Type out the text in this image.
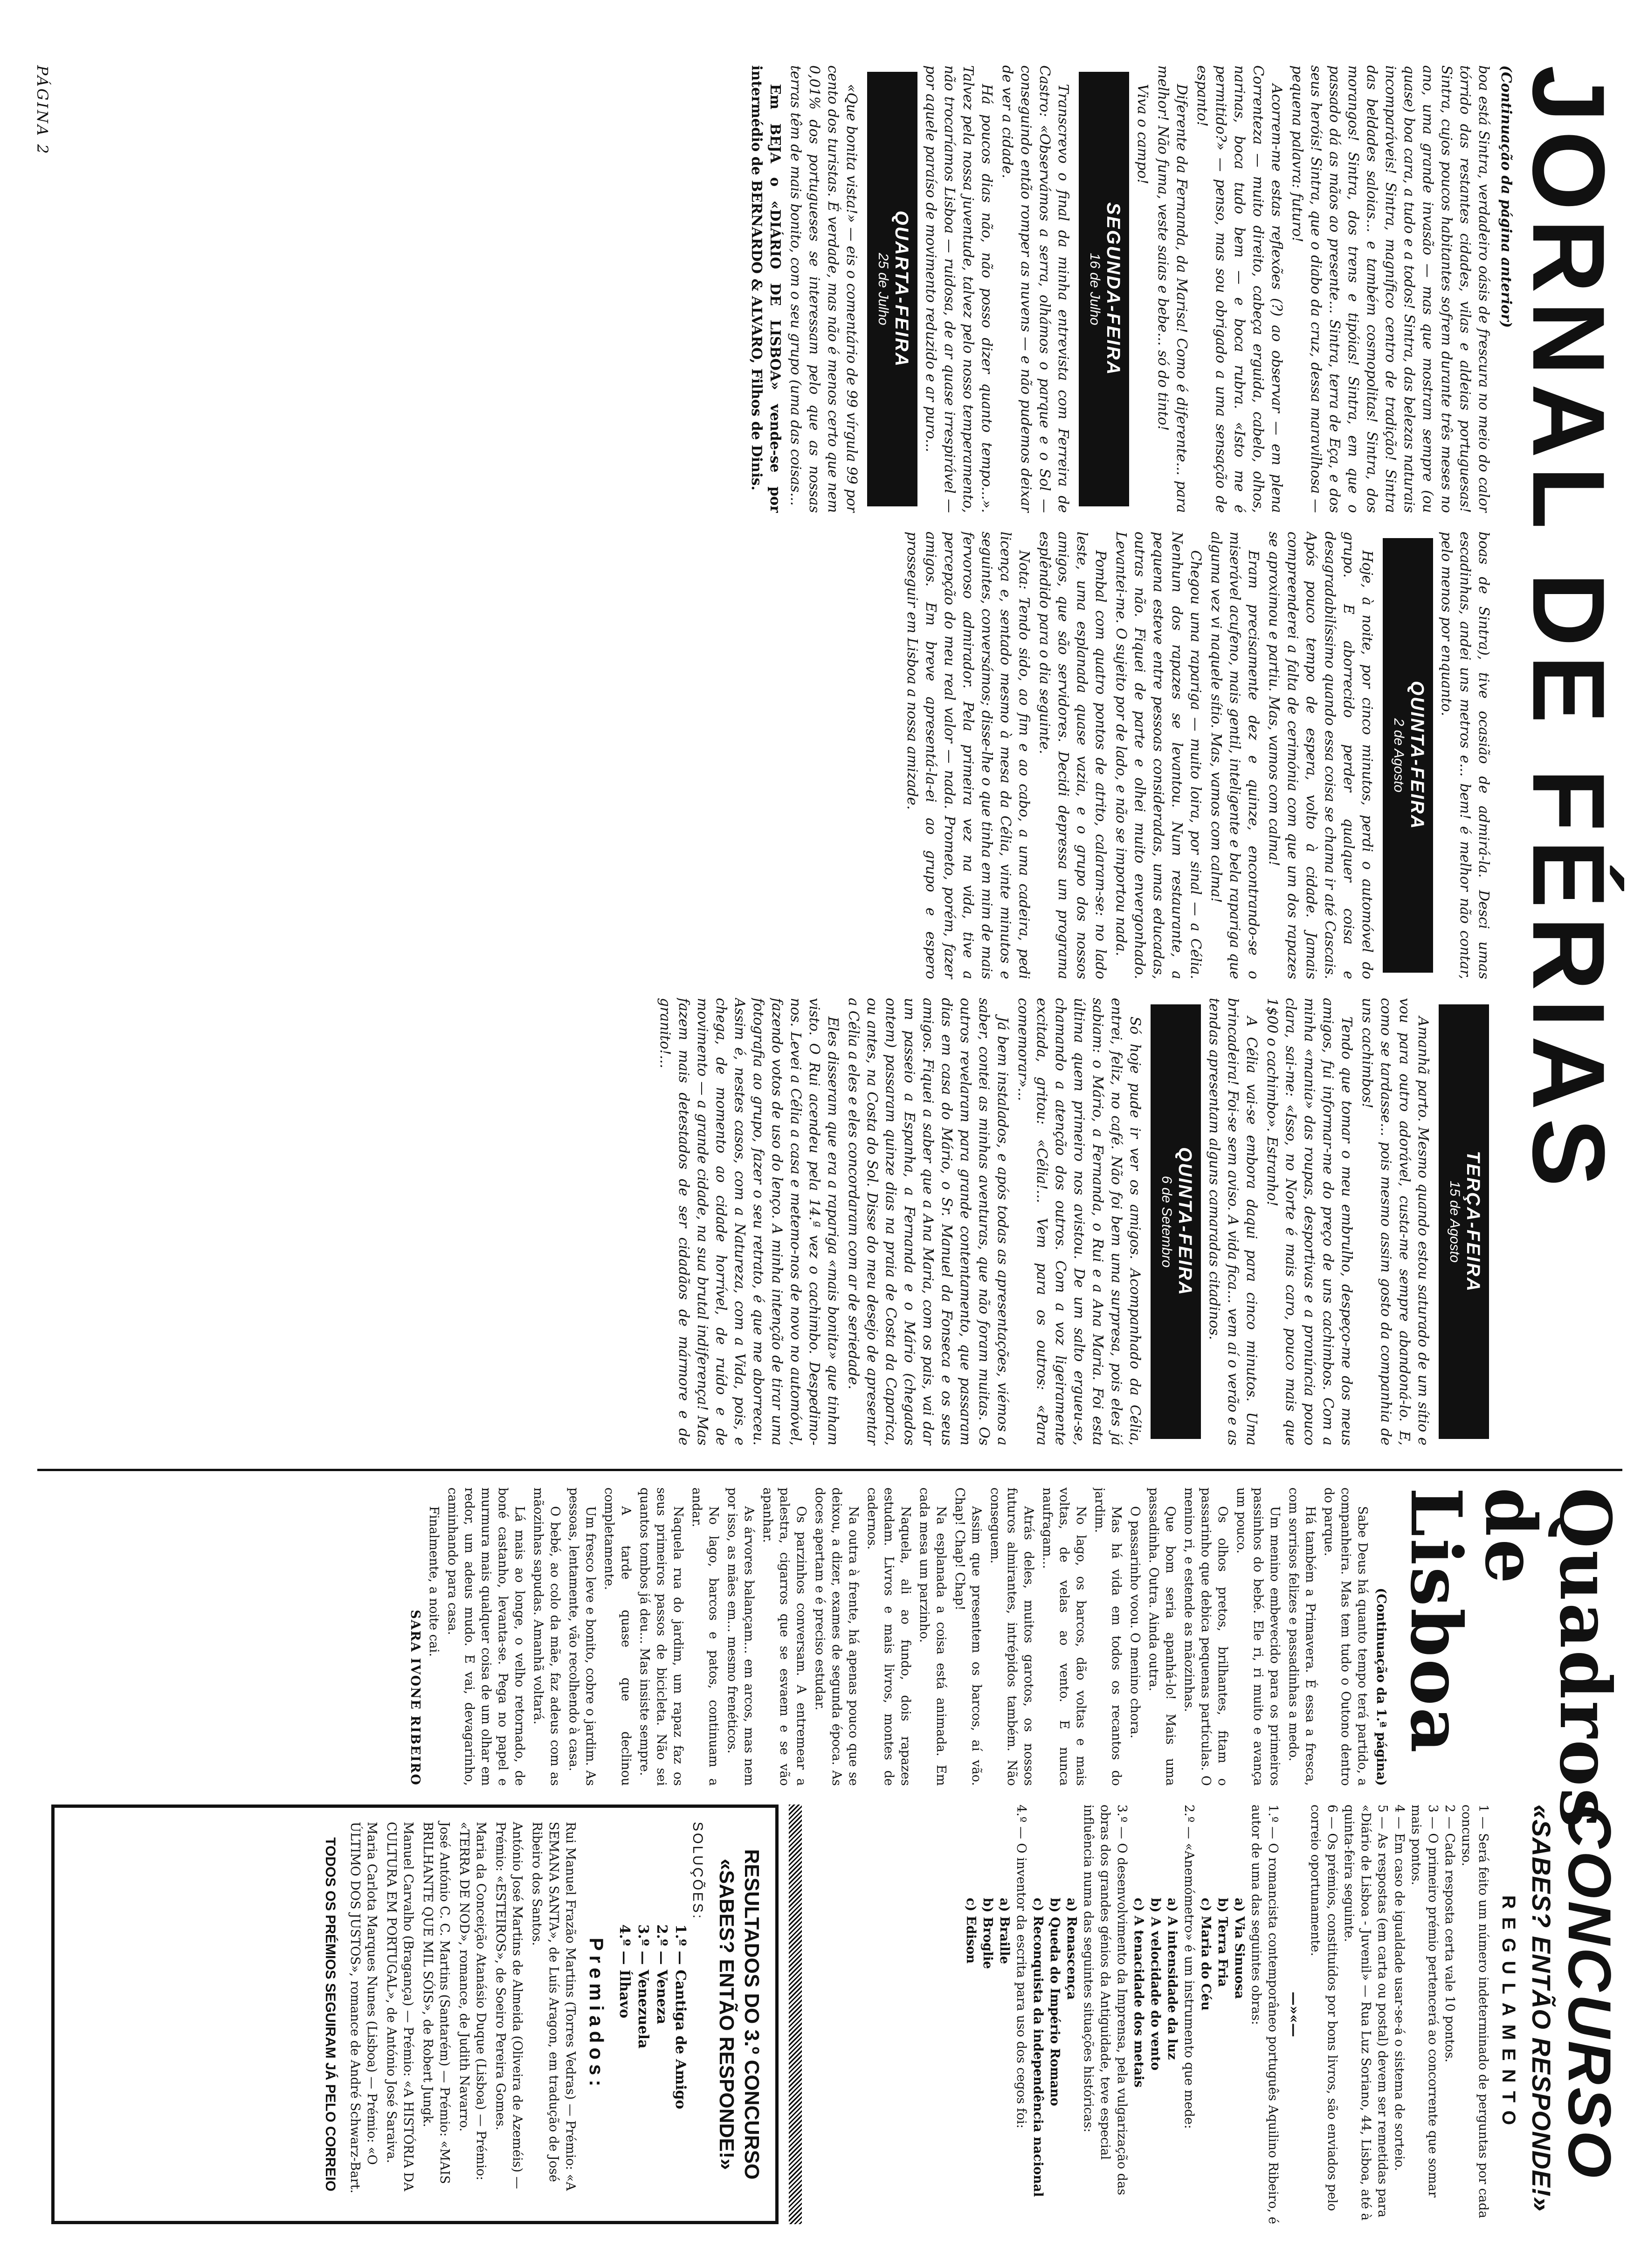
JORNAL DE FÉRIAS
(Continuação da página anterior)

boa está Sintra, verdadeiro oásis de frescura no meio do calor tórrido das restantes cidades, vilas e aldeias portuguesas! Sintra, cujos poucos habitantes sofrem durante três meses no ano, uma grande invasão — mas que mostram sempre (ou quase) boa cara, a tudo e a todos! Sintra, das belezas naturais incomparáveis! Sintra, magnífico centro de tradição! Sintra das beldades saloias... e também cosmopolitas! Sintra, dos morangos! Sintra, dos trens e tipóias! Sintra, em que o passado dá as mãos ao presente... Sintra, terra de Eça, e dos seus heróis! Sintra, que o diabo da cruz, dessa maravilhosa — pequena palavra: futuro!

Acorrem-me estas reflexões (?) ao observar — em plena Correnteza — muito direito, cabeça erguida, cabelo, olhos, narinas, boca tudo bem — e boca rubra. «Isto me é permitido?» — penso, mas sou obrigado a uma sensação de espanto!

Diferente da Fernanda, da Marisa! Como é diferente... para melhor! Não fuma, veste saias e bebe... só do tinto!

Viva o campo!

SEGUNDA-FEIRA
16 de Julho

Transcrevo o final da minha entrevista com Ferreira de Castro: «Observámos a serra, olhámos o parque e o Sol — conseguindo então romper as nuvens — e não pudemos deixar de ver a cidade.

Há poucos dias não, não posso dizer quanto tempo...». Talvez pela nossa juventude, talvez pelo nosso temperamento, não trocaríamos Lisboa — ruidosa, de ar quase irrespirável — por aquele paraíso de movimento reduzido e ar puro...

QUARTA-FEIRA
25 de Julho

«Que bonita vista!» — eis o comentário de 99 vírgula 99 por cento dos turistas. É verdade, mas não é menos certo que nem 0,01% dos portugueses se interessam pelo que as nossas terras têm de mais bonito, com o seu grupo (uma das coisas...

Em BEJA o «DIÁRIO DE LISBOA» vende-se por intermédio de BERNARDO & ALVARO, Filhos de Dinis.

boas de Sintra), tive ocasião de admirá-la. Desci umas escadinhas, andei uns metros e... bem! é melhor não contar, pelo menos por enquanto.

QUINTA-FEIRA
2 de Agosto

Hoje, à noite, por cinco minutos, perdi o automóvel do grupo. E aborrecido perder qualquer coisa e desagradabilíssimo quando essa coisa se chama ir até Cascais. Após pouco tempo de espera, volto à cidade. Jamais compreenderei a falta de cerimónia com que um dos rapazes se aproximou e partiu. Mas, vamos com calma!

Eram precisamente dez e quinze, encontrando-se o miserável acufeno, mais gentil, inteligente e bela rapariga que alguma vez vi naquele sítio. Mas, vamos com calma!

Chegou uma rapariga — muito loira, por sinal — a Célia. Nenhum dos rapazes se levantou. Num restaurante, a pequena esteve entre pessoas consideradas, umas educadas, outras não. Fiquei de parte e olhei muito envergonhado. Levantei-me. O sujeito por de lado, e não se importou nada.

Pombal com quatro pontos de atrito, calaram-se: no lado leste, uma esplanada quase vazia, e o grupo dos nossos amigos, que são servidores. Decidi depressa um programa esplêndido para o dia seguinte.

Nota: Tendo sido, ao fim e ao cabo, a uma cadeira, pedi licença e, sentado mesmo à mesa da Célia, vinte minutos e seguintes, conversámos; disse-lhe o que tinha em mim de mais fervoroso admirador. Pela primeira vez na vida, tive a percepção do meu real valor — nada. Prometo, porém, fazer amigos. Em breve apresentá-la-ei ao grupo e espero prosseguir em Lisboa a nossa amizade.

TERÇA-FEIRA
15 de Agosto

Amanhã parto. Mesmo quando estou saturado de um sítio e vou para outro adorável, custa-me sempre abandoná-lo. E, como se tardasse... pois mesmo assim gosto da companhia de uns cachimbos!

Tendo que tomar o meu embrulho, despeço-me dos meus amigos, fui informar-me do preço de uns cachimbos. Com a minha «mania» das roupas, desportivas e a pronúncia pouco clara, sai-me: «Isso, no Norte é mais caro, pouco mais que 1$00 o cachimbo». Estranho!

A Célia vai-se embora daqui para cinco minutos. Uma brincadeira! Foi-se sem aviso. A vida fica... vem aí o verão e as tendas apresentam alguns camaradas citadinos.

QUINTA-FEIRA
6 de Setembro

Só hoje pude ir ver os amigos. Acompanhado da Célia, entrei, feliz, no café. Não foi bem uma surpresa, pois eles já sabiam: o Mário, a Fernanda, o Rui e a Ana Maria. Foi esta última quem primeiro nos avistou. De um salto ergueu-se, chamando a atenção dos outros. Com a voz ligeiramente excitada, gritou: «Célia!... Vem para os outros: «Para comemorar»...

Já bem instalados, e após todas as apresentações, viémos a saber, contei as minhas aventuras, que não foram muitas. Os outros revelaram para grande contentamento, que passaram dias em casa do Mário, o Sr. Manuel da Fonseca e os seus amigos. Fiquei a saber que a Ana Maria, com os pais, vai dar um passeio a Espanha, a Fernanda e o Mário (chegados ontem) passaram quinze dias na praia de Costa da Caparica, ou antes, na Costa do Sol. Disse do meu desejo de apresentar a Célia a eles e eles concordaram com ar de seriedade.

Eles disseram que era a rapariga «mais bonita» que tinham visto. O Rui acendeu pela 14.ª vez o cachimbo. Despedimo-nos. Levei a Célia a casa e metemo-nos de novo no automóvel, fazendo votos de uso do lenço. A minha intenção de tirar uma fotografia ao grupo, fazer o seu retrato, é que me aborreceu. Assim é, nestes casos, com a Natureza, com a Vida, pois, e chega, de momento ao cidade horrível, de ruído e de movimento — a grande cidade, na sua brutal indiferença! Mas fazem mais detestados de ser cidadãos de mármore e de granito!...

PÁGINA 2
Quadros
de
Lisboa

(Continuação da 1.ª página)

Sabe Deus há quanto tempo terá partido, a companheira. Mas tem tudo o Outono dentro do parque.

Há também a Primavera. É essa a fresca, com sorrisos felizes e passadinhas a medo.

Um menino embevecido para os primeiros passinhos do bebé. Ele ri, ri muito e avança um pouco.

Os olhos pretos, brilhantes, fitam o passarinho que debica pequenas partículas. O menino ri, e estende as mãozinhas.

Que bom seria apanhá-lo! Mais uma passadinha. Outra. Ainda outra.

O passarinho voou. O menino chora.

Mas há vida em todos os recantos do jardim.

No lago, os barcos, dão voltas e mais voltas, de velas ao vento. E nunca naufragam...

Atrás deles, muitos garotos, os nossos futuros almirantes, intrépidos também. Não conseguem.

Assim que presentem os barcos, aí vão. Chap! Chap! Chap!

Na esplanada a coisa está animada. Em cada mesa um parzinho.

Naquela, ali ao fundo, dois rapazes estudam. Livros e mais livros, montes de cadernos.

Na outra à frente, há apenas pouco que se deixou, a dizer, exames de segunda época. As doces apertam e é preciso estudar.

Os parzinhos conversam. A entremear a palestra, cigarros que se esvaem e se vão apanhar.

As árvores balançam... em arcos, mas nem por isso, as mães em... mesmo frenéticos.

No lago, barcos e patos, continuam a andar.

Naquela rua do jardim, um rapaz faz os seus primeiros passos de bicicleta. Não sei quantos tombos já deu... Mas insiste sempre.

A tarde quase que declinou completamente.

Um fresco leve e bonito, cobre o jardim. As pessoas, lentamente, vão recolhendo à casa.

O bebé, ao colo da mãe, faz adeus com as mãozinhas sapudas. Amanhã voltará.

Lá mais ao longe, o velho retornado, de boné castanho, levanta-se. Pega no papel e murmura mais qualquer coisa de um olhar em redor, um adeus mudo. E vai, devagarinho, caminhando para casa.

Finalmente, a noite cai.

SARA IVONE RIBEIRO

CONCURSO
«SABES? ENTÃO RESPONDE!»
REGULAMENTO
1 — Será feito um número indeterminado de perguntas por cada concurso.
2 — Cada resposta certa vale 10 pontos.
3 — O primeiro prémio pertencerá ao concorrente que somar mais pontos.
4 — Em caso de igualdade usar-se-á o sistema de sorteio.
5 — As respostas (em carta ou postal) devem ser remetidas para «Diário de Lisboa - Juvenil» — Rua Luz Soriano, 44, Lisboa, até à quinta-feira seguinte.
6 — Os prémios, constituídos por bons livros, são enviados pelo correio oportunamente.
—»«—
1.º — O romancista contemporâneo português Aquilino Ribeiro, é autor de uma das seguintes obras:
a) Via Sinuosa
b) Terra Fria
c) Maria do Céu
2.º — «Anemómetro» é um instrumento que mede:
a) A intensidade da luz
b) A velocidade do vento
c) A tenacidade dos metais
3.º — O desenvolvimento da Imprensa, pela vulgarização das obras dos grandes génios da Antiguidade, teve especial influência numa das seguintes situações históricas:
a) Renascença
b) Queda do Império Romano
c) Reconquista da independência nacional
4.º — O inventor da escrita para uso dos cegos foi:
a) Braille
b) Broglie
c) Edison
RESULTADOS DO 3.º CONCURSO
«SABES? ENTÃO RESPONDE!»
SOLUÇÕES:
1.º — Cantiga de Amigo
2.º — Veneza
3.º — Venezuela
4.º — Ílhavo
Premiados:
Rui Manuel Frazão Martins (Torres Vedras) — Prémio: «A SEMANA SANTA», de Luís Aragon, em tradução de José Ribeiro dos Santos.
António José Martins de Almeida (Oliveira de Azeméis) — Prémio: «ESTEIROS», de Soeiro Pereira Gomes.
Maria da Conceição Atanásio Duque (Lisboa) — Prémio: «TERRA DE NOD», romance, de Judith Navarro.
José António C. C. Martins (Santarém) — Prémio: «MAIS BRILHANTE QUE MIL SÓIS», de Robert Jungk.
Manuel Carvalho (Bragança) — Prémio: «A HISTÓRIA DA CULTURA EM PORTUGAL», de António José Saraiva.
Maria Carlota Marques Nunes (Lisboa) — Prémio: «O ÚLTIMO DOS JUSTOS», romance de André Schwarz-Bart.
TODOS OS PRÉMIOS SEGUIRAM JÁ PELO CORREIO
